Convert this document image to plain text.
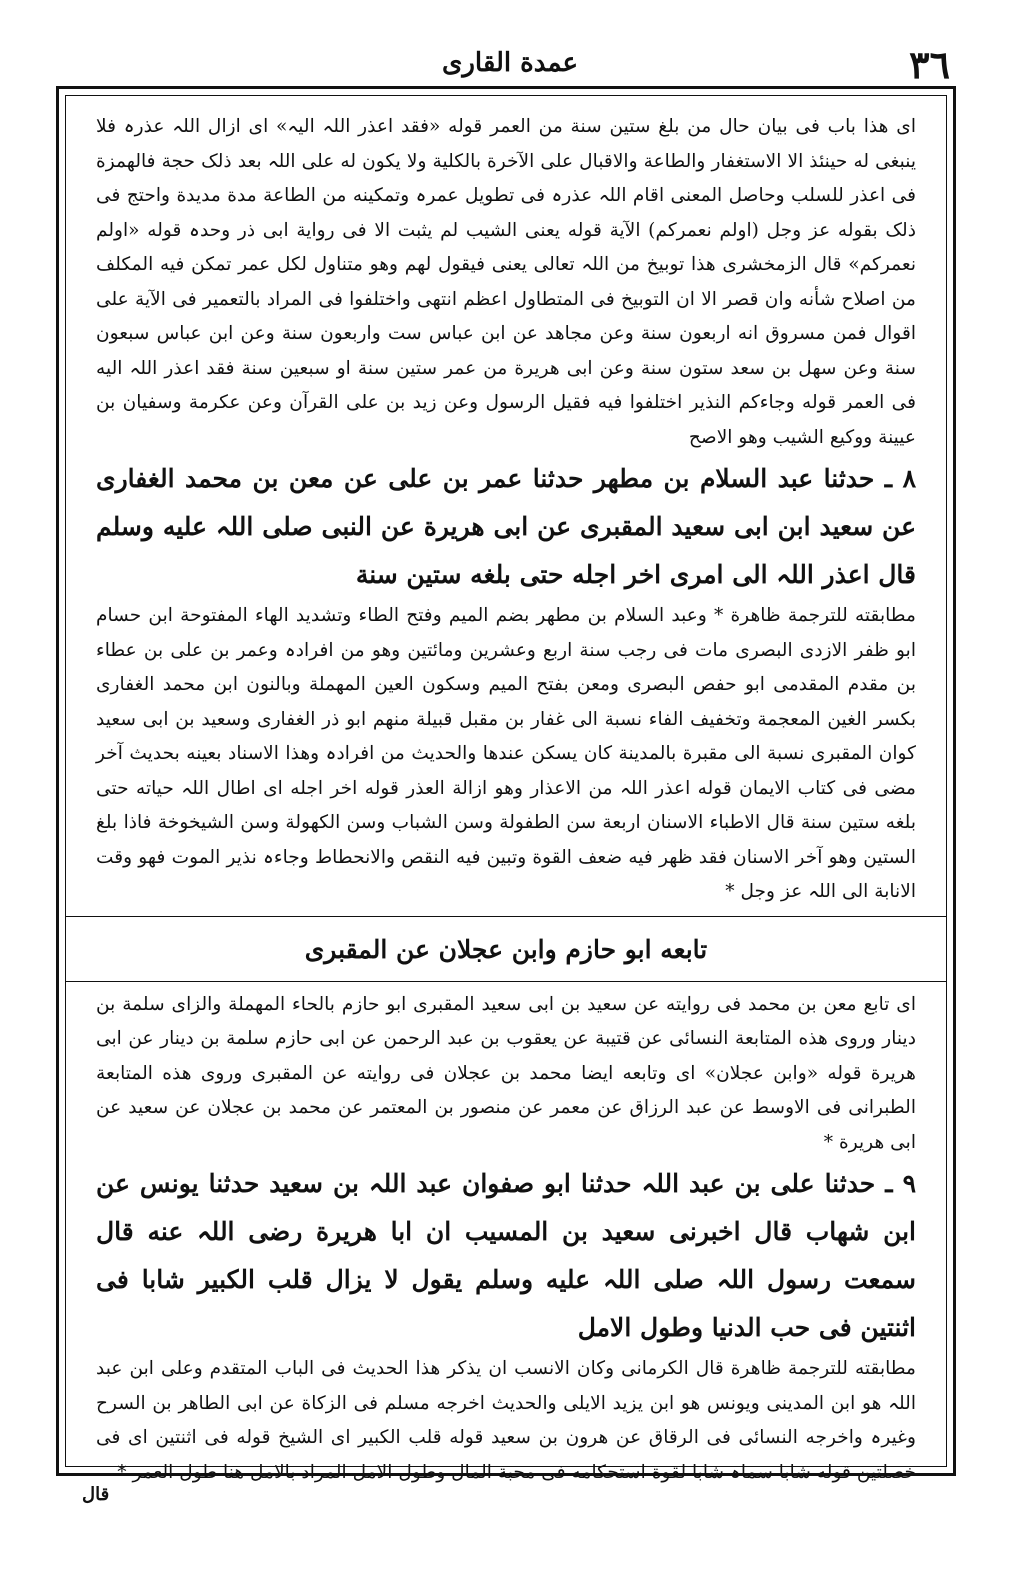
عمدة القاری	٣٦

ای هذا باب فی بیان حال من بلغ ستین سنة من العمر قوله «فقد اعذر اللہ الیہ» ای ازال اللہ عذرہ فلا ینبغی له حینئذ الا الاستغفار والطاعة والاقبال علی الآخرة بالکلیة ولا یکون له علی اللہ بعد ذلک حجة فالهمزة فی اعذر للسلب وحاصل المعنی اقام اللہ عذرہ فی تطویل عمرہ وتمکینه من الطاعة مدة مدیدة واحتج فی ذلک بقوله عز وجل (اولم نعمرکم) الآیة قوله یعنی الشیب لم یثبت الا فی روایة ابی ذر وحدہ قوله «اولم نعمرکم» قال الزمخشری هذا توبیخ من اللہ تعالی یعنی فیقول لهم وهو متناول لکل عمر تمکن فیه المکلف من اصلاح شأنه وان قصر الا ان التوبیخ فی المتطاول اعظم انتهی واختلفوا فی المراد بالتعمیر فی الآیة علی اقوال فمن مسروق انه اربعون سنة وعن مجاهد عن ابن عباس ست واربعون سنة وعن ابن عباس سبعون سنة وعن سهل بن سعد ستون سنة وعن ابی هریرة من عمر ستین سنة او سبعین سنة فقد اعذر اللہ الیه فی العمر قوله وجاءکم النذیر اختلفوا فیه فقیل الرسول وعن زید بن علی القرآن وعن عکرمة وسفیان بن عیینة ووکیع الشیب وهو الاصح

٨ ـ حدثنا عبد السلام بن مطهر حدثنا عمر بن علی عن معن بن محمد الغفاری عن سعید ابن ابی سعید المقبری عن ابی هریرة عن النبی صلی اللہ علیه وسلم قال اعذر اللہ الی امری اخر اجله حتی بلغه ستین سنة

مطابقته للترجمة ظاهرة * وعبد السلام بن مطهر بضم المیم وفتح الطاء وتشدید الهاء المفتوحة ابن حسام ابو ظفر الازدی البصری مات فی رجب سنة اربع وعشرین ومائتین وهو من افرادہ وعمر بن علی بن عطاء بن مقدم المقدمی ابو حفص البصری ومعن بفتح المیم وسکون العین المهملة وبالنون ابن محمد الغفاری بکسر الغین المعجمة وتخفیف الفاء نسبة الی غفار بن مقبل قبیلة منهم ابو ذر الغفاری وسعید بن ابی سعید کوان المقبری نسبة الی مقبرة بالمدینة کان یسکن عندها والحدیث من افرادہ وهذا الاسناد بعینه بحدیث آخر مضی فی کتاب الایمان قوله اعذر اللہ من الاعذار وهو ازالة العذر قوله اخر اجله ای اطال اللہ حیاته حتی بلغه ستین سنة قال الاطباء الاسنان اربعة سن الطفولة وسن الشباب وسن الکهولة وسن الشیخوخة فاذا بلغ الستین وهو آخر الاسنان فقد ظهر فیه ضعف القوة وتبین فیه النقص والانحطاط وجاءہ نذیر الموت فهو وقت الانابة الی اللہ عز وجل *

تابعه ابو حازم وابن عجلان عن المقبری

ای تابع معن بن محمد فی روایته عن سعید بن ابی سعید المقبری ابو حازم بالحاء المهملة والزای سلمة بن دینار وروی هذه المتابعة النسائی عن قتیبة عن یعقوب بن عبد الرحمن عن ابی حازم سلمة بن دینار عن ابی هریرة قوله «وابن عجلان» ای وتابعه ایضا محمد بن عجلان فی روایته عن المقبری وروی هذه المتابعة الطبرانی فی الاوسط عن عبد الرزاق عن معمر عن منصور بن المعتمر عن محمد بن عجلان عن سعید عن ابی هریرة *

٩ ـ حدثنا علی بن عبد اللہ حدثنا ابو صفوان عبد اللہ بن سعید حدثنا یونس عن ابن شهاب قال اخبرنی سعید بن المسیب ان ابا هریرة رضی اللہ عنه قال سمعت رسول اللہ صلی اللہ علیه وسلم یقول لا یزال قلب الکبیر شابا فی اثنتین فی حب الدنیا وطول الامل

مطابقته للترجمة ظاهرة قال الکرمانی وکان الانسب ان یذکر هذا الحدیث فی الباب المتقدم وعلی ابن عبد اللہ هو ابن المدینی ویونس هو ابن یزید الایلی والحدیث اخرجه مسلم فی الزکاة عن ابی الطاهر بن السرح وغیرہ واخرجه النسائی فی الرقاق عن هرون بن سعید قوله قلب الکبیر ای الشیخ قوله فی اثنتین ای فی خصلتین قوله شابا سماہ شابا لقوة استحکامه فی محبة المال وطول الامل المراد بالامل هنا طول العمر *

قال
